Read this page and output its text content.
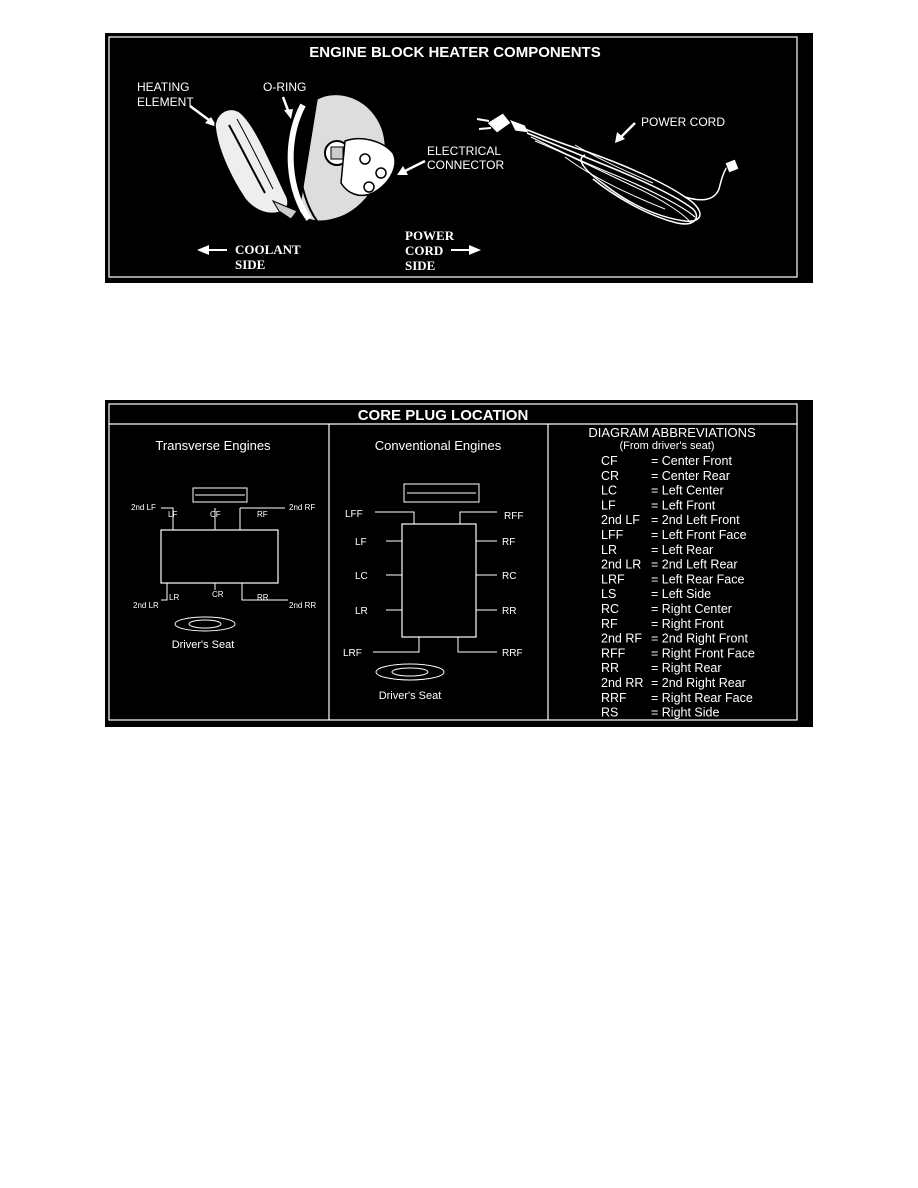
ENGINE BLOCK HEATER COMPONENTS
HEATING
ELEMENT
O-RING
ELECTRICAL
CONNECTOR
POWER CORD
COOLANT
SIDE
POWER
CORD
SIDE
CORE PLUG LOCATION
Transverse Engines
2nd LF
LF	CF	RF
2nd RF
2nd LR
LR	CR	RR
2nd RR
Driver's Seat
Conventional Engines
LFF	RFF
LF	RF
LC	RC
LR	RR
LRF	RRF
Driver's Seat
DIAGRAM ABBREVIATIONS
(From driver's seat)
CF	= Center Front
CR	= Center Rear
LC	= Left Center
LF	= Left Front
2nd LF = 2nd Left Front
LFF = Left Front Face
LR	= Left Rear
2nd LR = 2nd Left Rear
LRF = Left Rear Face
LS	= Left Side
RC	= Right Center
RF	= Right Front
2nd RF = 2nd Right Front
RFF = Right Front Face
RR	= Right Rear
2nd RR = 2nd Right Rear
RRF = Right Rear Face
RS	= Right Side
